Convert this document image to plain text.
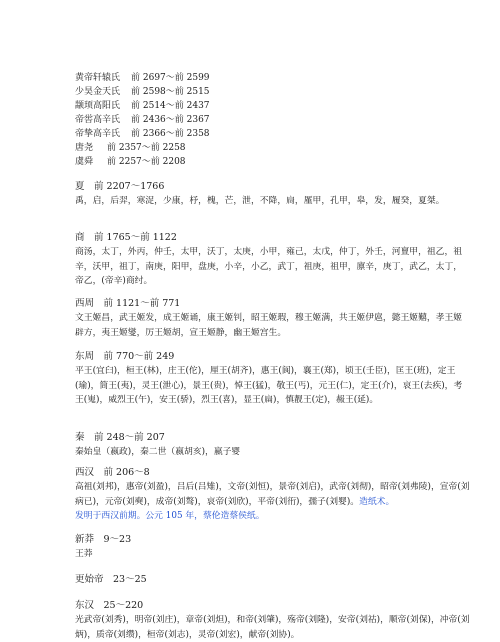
黄帝轩辕氏 前 2697～前 2599
少昊金天氏 前 2598～前 2515
颛顼高阳氏 前 2514～前 2437
帝喾高辛氏 前 2436～前 2367
帝挚高辛氏 前 2366～前 2358
唐尧 前 2357～前 2258
虞舜 前 2257～前 2208
夏　前 2207～1766
禹，启，后羿，寒浞，少康，杼，槐，芒，泄，不降，扃，厪甲，孔甲，皋，发，履癸，夏桀。
商　前 1765～前 1122
商汤，太丁，外丙，仲壬，太甲，沃丁，太庚，小甲，雍己，太戊，仲丁，外壬，河亶甲，祖乙，祖辛，沃甲，祖丁，南庚，阳甲，盘庚，小辛，小乙，武丁，祖庚，祖甲，廪辛，庚丁，武乙，太丁，帝乙，(帝辛)商纣。
西周　前 1121～前 771
文王姬昌，武王姬发，成王姬诵，康王姬钊，昭王姬瑕，穆王姬满，共王姬伊扈，懿王姬囏，孝王姬辟方，夷王姬燮，厉王姬胡，宣王姬静，幽王姬宫生。
东周　前 770～前 249
平王(宜臼)，桓王(林)，庄王(佗)，厘王(胡齐)，惠王(阆)，襄王(郑)，顷王(壬臣)，匡王(班)，定王(瑜)，简王(夷)，灵王(泄心)，景王(贵)，悼王(猛)，敬王(丐)，元王(仁)，定王(介)，哀王(去疾)，考王(嵬)，威烈王(午)，安王(骄)，烈王(喜)，显王(扁)，慎靓王(定)，赧王(延)。
秦　前 248～前 207
秦始皇（嬴政)，秦二世（嬴胡亥)，嬴子婴
西汉　前 206～8
高祖(刘邦)，惠帝(刘盈)，吕后(吕雉)，文帝(刘恒)，景帝(刘启)，武帝(刘彻)，昭帝(刘弗陵)，宣帝(刘病已)，元帝(刘奭)，成帝(刘骜)，哀帝(刘欣)，平帝(刘衎)，孺子(刘婴)。造纸术。
发明于西汉前期。公元 105 年，蔡伦造蔡侯纸。
新莽　9～23
王莽
更始帝　23～25
东汉　25～220
光武帝(刘秀)，明帝(刘庄)，章帝(刘炟)，和帝(刘肇)，殇帝(刘隆)，安帝(刘祜)，顺帝(刘保)，冲帝(刘炳)，质帝(刘缵)，桓帝(刘志)，灵帝(刘宏)，献帝(刘协)。
